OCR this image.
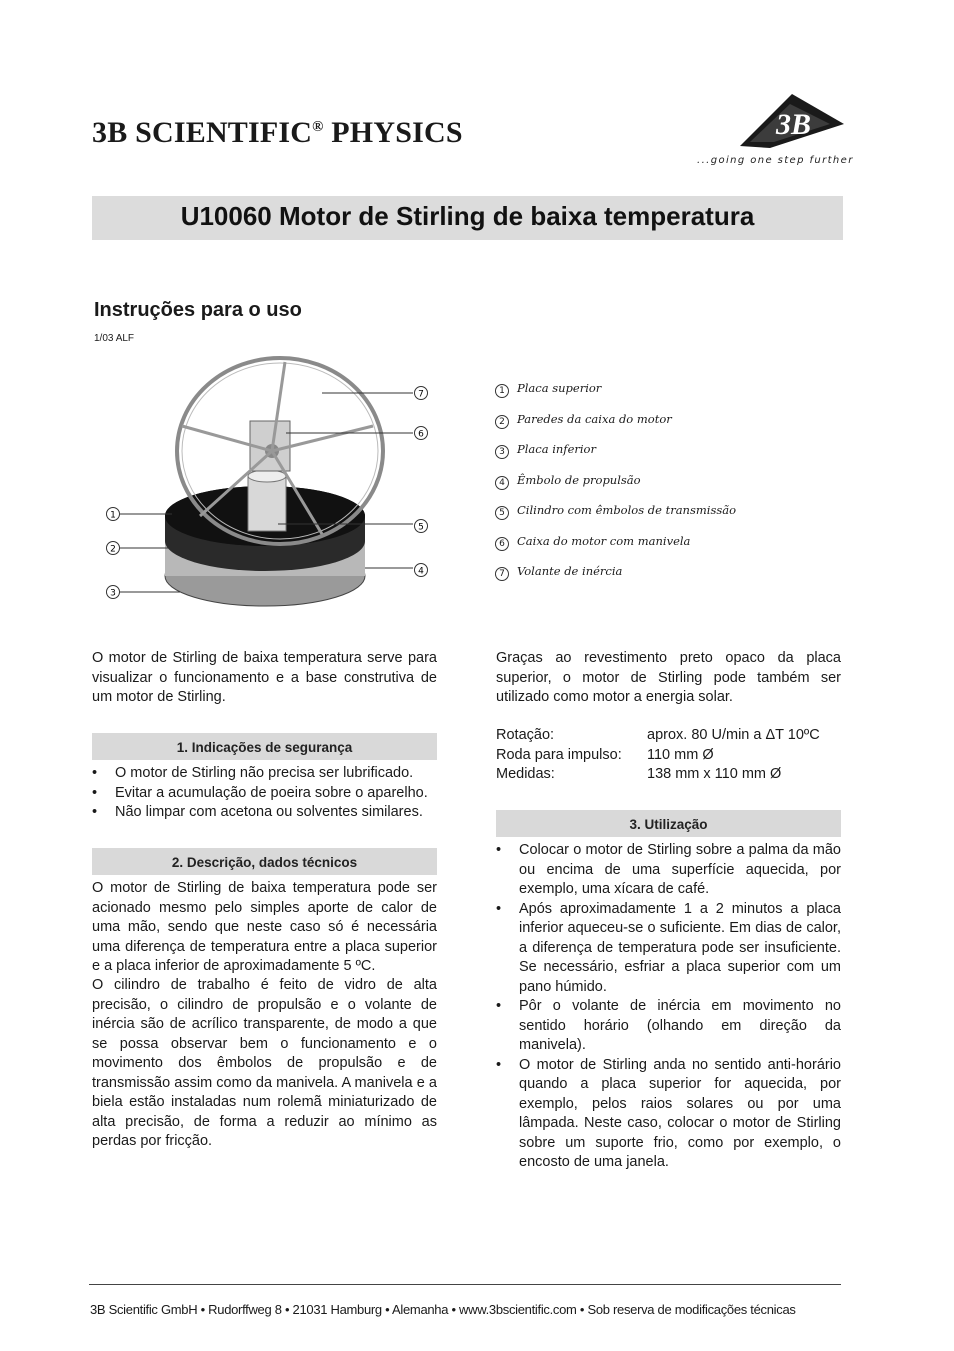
3B SCIENTIFIC® PHYSICS	3B
...going one step further
U10060 Motor de Stirling de baixa temperatura
Instruções para o uso
1/03 ALF
7
6
5
4
1
2
3
1 Placa superior
2 Paredes da caixa do motor
3 Placa inferior
4 Êmbolo de propulsão
5 Cilindro com êmbolos de transmissão
6 Caixa do motor com manivela
7 Volante de inércia
O motor de Stirling de baixa temperatura serve para visualizar o funcionamento e a base construtiva de um motor de Stirling.
1. Indicações de segurança
• O motor de Stirling não precisa ser lubrificado.
• Evitar a acumulação de poeira sobre o aparelho.
• Não limpar com acetona ou solventes similares.
2. Descrição, dados técnicos
O motor de Stirling de baixa temperatura pode ser acionado mesmo pelo simples aporte de calor de uma mão, sendo que neste caso só é necessária uma diferença de temperatura entre a placa superior e a placa inferior de aproximadamente 5 ºC.
O cilindro de trabalho é feito de vidro de alta precisão, o cilindro de propulsão e o volante de inércia são de acrílico transparente, de modo a que se possa observar bem o funcionamento e o movimento dos êmbolos de propulsão e de transmissão assim como da manivela. A manivela e a biela estão instaladas num rolemã miniaturizado de alta precisão, de forma a reduzir ao mínimo as perdas por fricção.
Graças ao revestimento preto opaco da placa superior, o motor de Stirling pode também ser utilizado como motor a energia solar.
Rotação:	aprox. 80 U/min a ΔT 10ºC
Roda para impulso: 110 mm Ø
Medidas:	138 mm x 110 mm Ø
3. Utilização
• Colocar o motor de Stirling sobre a palma da mão ou encima de uma superfície aquecida, por exemplo, uma xícara de café.
• Após aproximadamente 1 a 2 minutos a placa inferior aqueceu-se o suficiente. Em dias de calor, a diferença de temperatura pode ser insuficiente. Se necessário, esfriar a placa superior com um pano húmido.
• Pôr o volante de inércia em movimento no sentido horário (olhando em direção da manivela).
• O motor de Stirling anda no sentido anti-horário quando a placa superior for aquecida, por exemplo, pelos raios solares ou por uma lâmpada. Neste caso, colocar o motor de Stirling sobre um suporte frio, como por exemplo, o encosto de uma janela.
3B Scientific GmbH • Rudorffweg 8 • 21031 Hamburg • Alemanha • www.3bscientific.com • Sob reserva de modificações técnicas
